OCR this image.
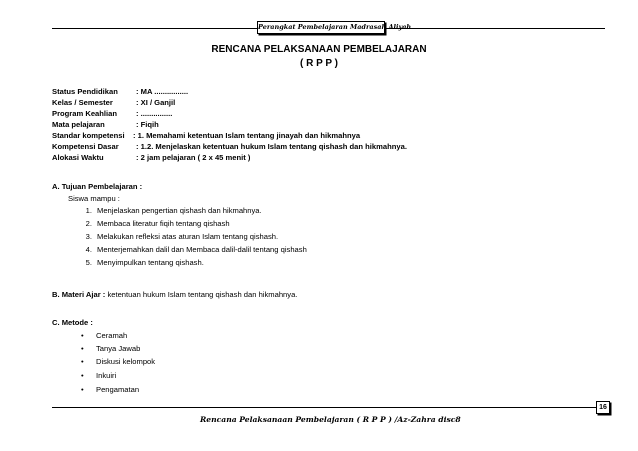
Perangkat Pembelajaran Madrasah Aliyah
RENCANA PELAKSANAAN PEMBELAJARAN
( R P P )
Status Pendidikan : MA ................
Kelas / Semester	: XI / Ganjil
Program Keahlian	: ...............
Mata pelajaran	: Fiqih
Standar kompetensi : 1. Memahami ketentuan Islam tentang jinayah dan hikmahnya
Kompetensi Dasar : 1.2. Menjelaskan ketentuan hukum Islam tentang qishash dan hikmahnya.
Alokasi Waktu	: 2 jam pelajaran ( 2 x 45 menit )
A. Tujuan Pembelajaran :
Siswa mampu :
1. Menjelaskan pengertian qishash dan hikmahnya.
2. Membaca literatur fiqih tentang qishash
3. Melakukan refleksi atas aturan Islam tentang qishash.
4. Menterjemahkan dalil dan Membaca dalil-dalil tentang qishash
5. Menyimpulkan tentang qishash.
B. Materi Ajar : ketentuan hukum Islam tentang qishash dan hikmahnya.
C. Metode :
• Ceramah
• Tanya Jawab
• Diskusi kelompok
• Inkuiri
• Pengamatan
16
Rencana Pelaksanaan Pembelajaran ( R P P ) /Az-Zahra disc8
